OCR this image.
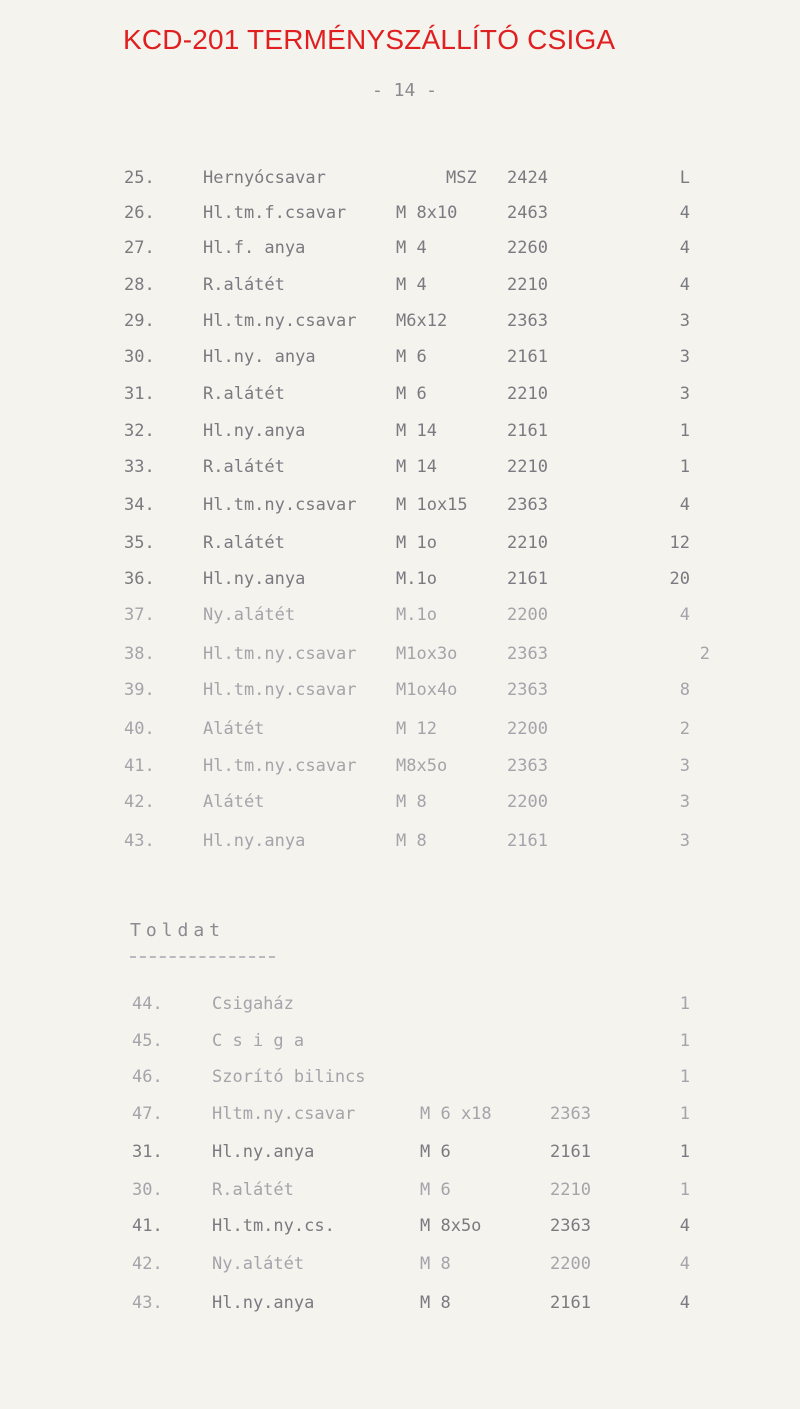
KCD-201 TERMÉNYSZÁLLÍTÓ CSIGA
- 14 -
25.	Hernyócsavar	MSZ 2424	L
26.	Hl.tm.f.csavar	M 8x10	2463	4
27.	Hl.f. anya	M 4	2260	4
28.	R.alátét	M 4	2210	4
29.	Hl.tm.ny.csavar M6x12	2363	3
30.	Hl.ny. anya	M 6	2161	3
31.	R.alátét	M 6	2210	3
32.	Hl.ny.anya	M 14	2161	1
33.	R.alátét	M 14	2210	1
34.	Hl.tm.ny.csavar M 1ox15 2363	4
35.	R.alátét	M 1o	2210	12
36.	Hl.ny.anya	M.1o	2161	20
37.	Ny.alátét	M.1o	2200	4
38.	Hl.tm.ny.csavar M1ox3o	2363	2
39.	Hl.tm.ny.csavar M1ox4o	2363	8
40.	Alátét	M 12	2200	2
41.	Hl.tm.ny.csavar M8x5o	2363	3
42.	Alátét	M 8	2200	3
43.	Hl.ny.anya	M 8	2161	3
Toldat
44.	Csigaház	1
45.	C s i g a	1
46.	Szorító bilincs	1
47.	Hltm.ny.csavar	M 6 x18	2363	1
31.	Hl.ny.anya	M 6	2161	1
30.	R.alátét	M 6	2210	1
41.	Hl.tm.ny.cs.	M 8x5o	2363	4
42.	Ny.alátét	M 8	2200	4
43.	Hl.ny.anya	M 8	2161	4
